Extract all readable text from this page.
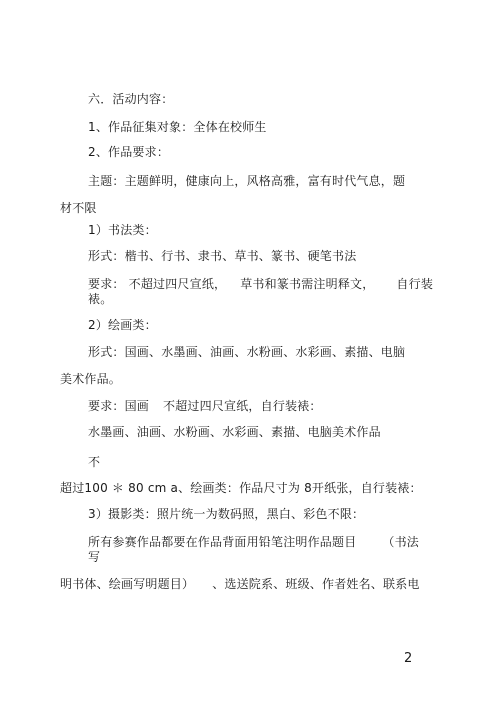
六．活动内容：
1、作品征集对象：全体在校师生
2、作品要求：
主题：主题鲜明，健康向上，风格高雅，富有时代气息，题
材不限
1）书法类：
形式：楷书、行书、隶书、草书、篆书、硬笔书法
要求： 不超过四尺宣纸， 草书和篆书需注明释文， 自行装
裱。
2）绘画类：
形式：国画、水墨画、油画、水粉画、水彩画、素描、电脑
美术作品。
要求：国画 不超过四尺宣纸，自行装裱：
水墨画、油画、水粉画、水彩画、素描、电脑美术作品
不
超过100 ＊ 80 cm a、绘画类：作品尺寸为 8开纸张，自行装裱：
3）摄影类：照片统一为数码照，黑白、彩色不限：
所有参赛作品都要在作品背面用铅笔注明作品题目 （书法
写
明书体、绘画写明题目） 、选送院系、班级、作者姓名、联系电
2
